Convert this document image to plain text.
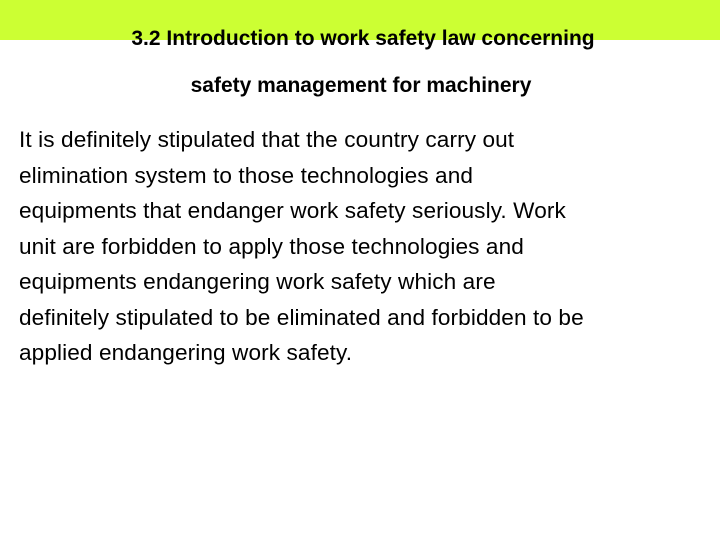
3.2 Introduction to work safety law concerning
safety management for machinery

It is definitely stipulated that the country carry out
elimination system to those technologies and
equipments that endanger work safety seriously. Work
unit are forbidden to apply those technologies and
equipments endangering work safety which are
definitely stipulated to be eliminated and forbidden to be
applied endangering work safety.
